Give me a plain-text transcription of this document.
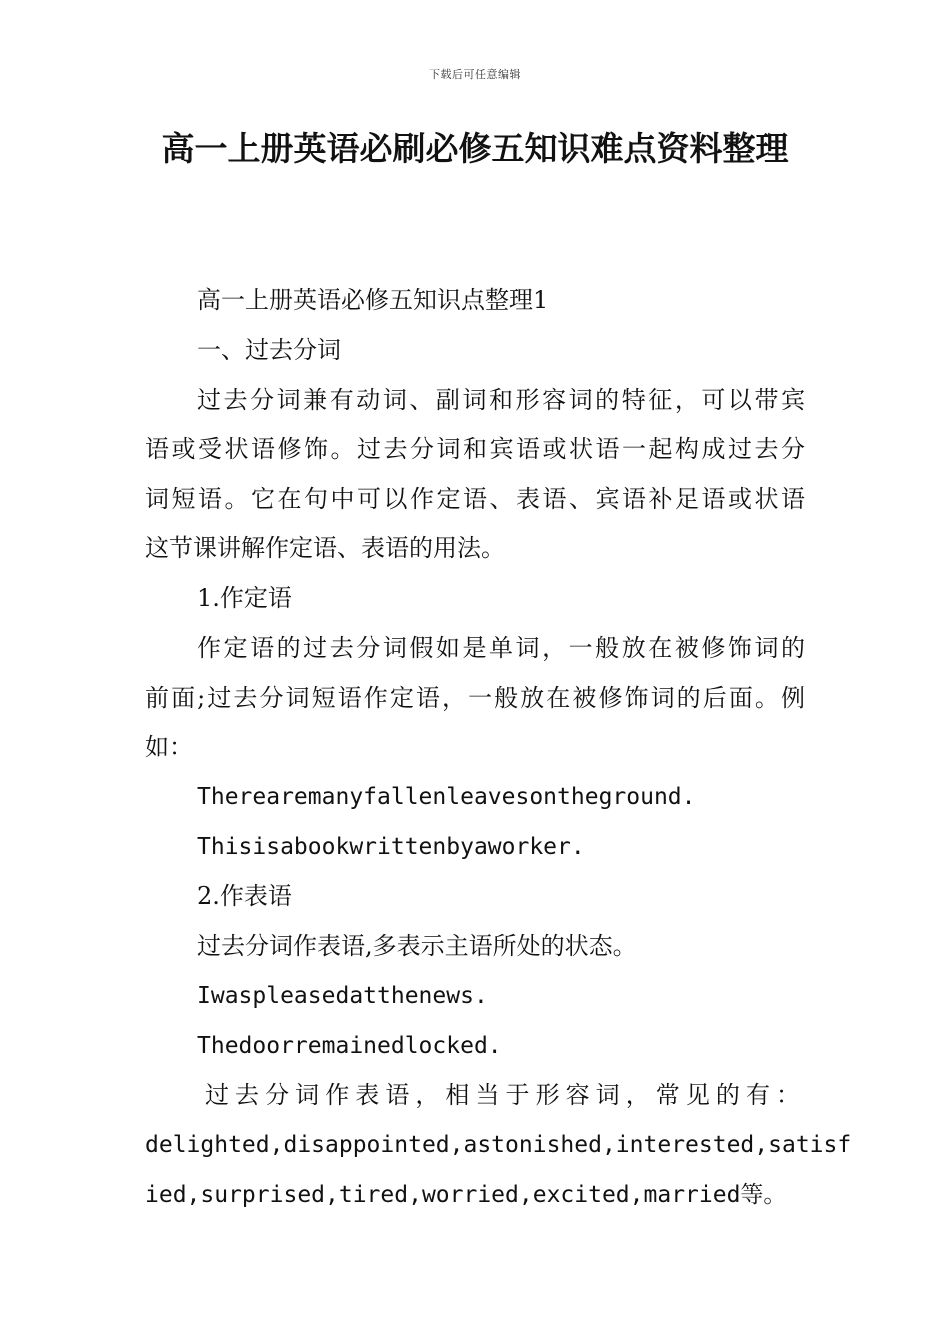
下载后可任意编辑
高一上册英语必刷必修五知识难点资料整理
高一上册英语必修五知识点整理1
一、过去分词
过去分词兼有动词、副词和形容词的特征，可以带宾
语或受状语修饰。过去分词和宾语或状语一起构成过去分
词短语。它在句中可以作定语、表语、宾语补足语或状语
这节课讲解作定语、表语的用法。
1.作定语
作定语的过去分词假如是单词，一般放在被修饰词的
前面;过去分词短语作定语，一般放在被修饰词的后面。例
如：
Therearemanyfallenleavesontheground.
Thisisabookwrittenbyaworker.
2.作表语
过去分词作表语,多表示主语所处的状态。
Iwaspleasedatthenews.
Thedoorremainedlocked.
过去分词作表语，相当于形容词，常见的有：
delighted,disappointed,astonished,interested,satisf
ied,surprised,tired,worried,excited,married等。
